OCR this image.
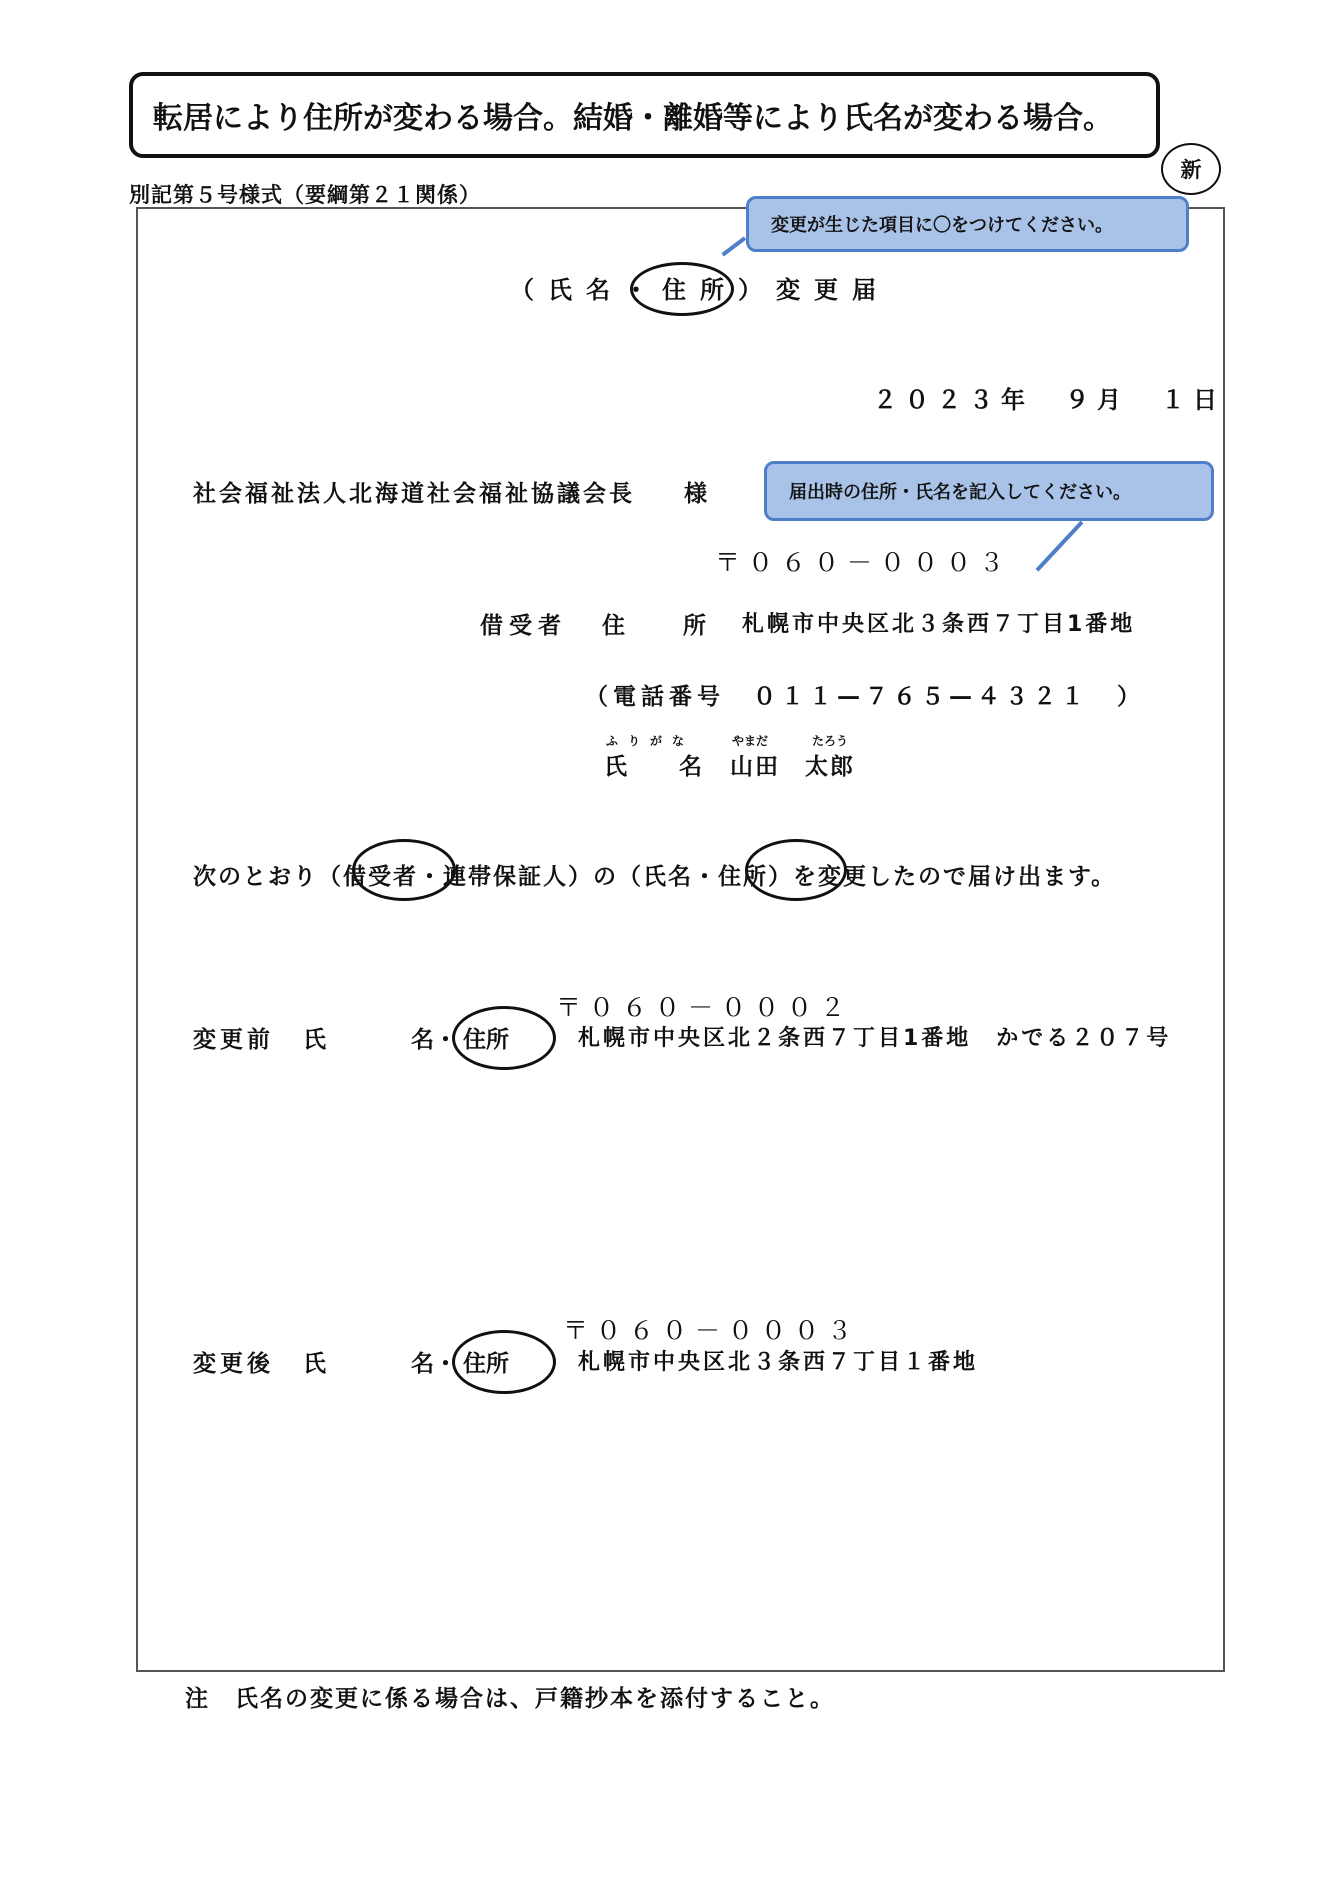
転居により住所が変わる場合。結婚・離婚等により氏名が変わる場合。
新
別記第５号様式（要綱第２１関係）
変更が生じた項目に〇をつけてください。
（氏名・住所）変更届
２０２３年　９月　１日
社会福祉法人北海道社会福祉協議会長 様	届出時の住所・氏名を記入してください。
〒０６０－０００３
借受者 住	所 札幌市中央区北３条西７丁目1番地
（電話番号　０１１—７６５—４３２１　）
ふりがな
氏 名
やまだ	たろう
山田　太郎
次のとおり（借受者・連帯保証人）の（氏名・住所）を変更したので届け出ます。
〒０６０－０００２
変更前 氏	名・ 住所	札幌市中央区北２条西７丁目1番地　かでる２０７号
〒０６０－０００３
変更後 氏	名・ 住所	札幌市中央区北３条西７丁目１番地
注　氏名の変更に係る場合は、戸籍抄本を添付すること。
